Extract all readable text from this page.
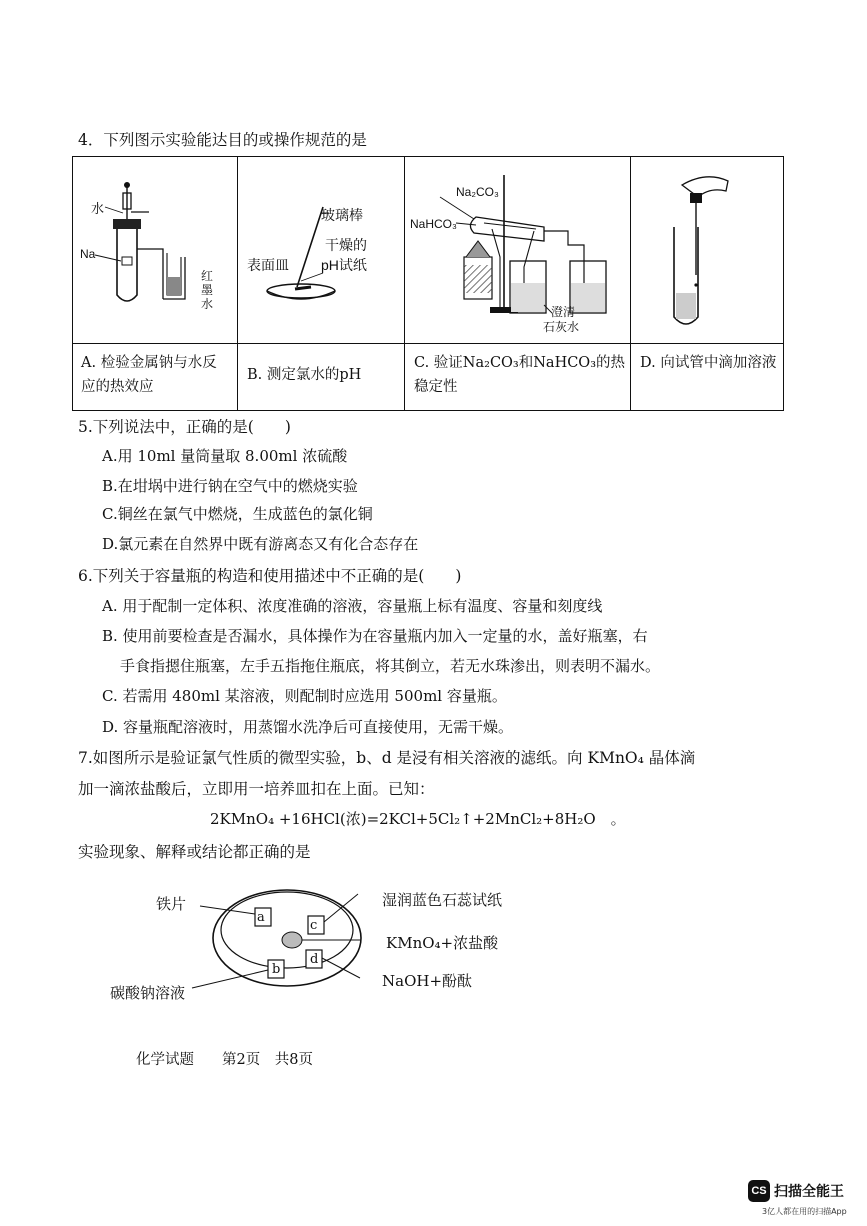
4．下列图示实验能达目的或操作规范的是
水
Na
红墨水
玻璃棒
表面皿
干燥的
pH试纸
Na₂CO₃
NaHCO₃
澄清
石灰水
A. 检验金属钠与水反应的热效应
B. 测定氯水的pH
C. 验证Na₂CO₃和NaHCO₃的热稳定性
D. 向试管中滴加溶液
5.下列说法中，正确的是(　　)
A.用 10ml 量筒量取 8.00ml 浓硫酸
B.在坩埚中进行钠在空气中的燃烧实验
C.铜丝在氯气中燃烧，生成蓝色的氯化铜
D.氯元素在自然界中既有游离态又有化合态存在
6.下列关于容量瓶的构造和使用描述中不正确的是(　　)
A. 用于配制一定体积、浓度准确的溶液，容量瓶上标有温度、容量和刻度线
B. 使用前要检查是否漏水，具体操作为在容量瓶内加入一定量的水，盖好瓶塞，右
手食指摁住瓶塞，左手五指拖住瓶底，将其倒立，若无水珠渗出，则表明不漏水。
C. 若需用 480ml 某溶液，则配制时应选用 500ml 容量瓶。
D. 容量瓶配溶液时，用蒸馏水洗净后可直接使用，无需干燥。
7.如图所示是验证氯气性质的微型实验，b、d 是浸有相关溶液的滤纸。向 KMnO₄ 晶体滴
加一滴浓盐酸后，立即用一培养皿扣在上面。已知：
2KMnO₄ +16HCl(浓)=2KCl+5Cl₂↑+2MnCl₂+8H₂O　。
实验现象、解释或结论都正确的是
a
c
b
d
铁片
碳酸钠溶液
湿润蓝色石蕊试纸
KMnO₄+浓盐酸
NaOH+酚酞
化学试题 第2页　共8页
CS 扫描全能王
3亿人都在用的扫描App
